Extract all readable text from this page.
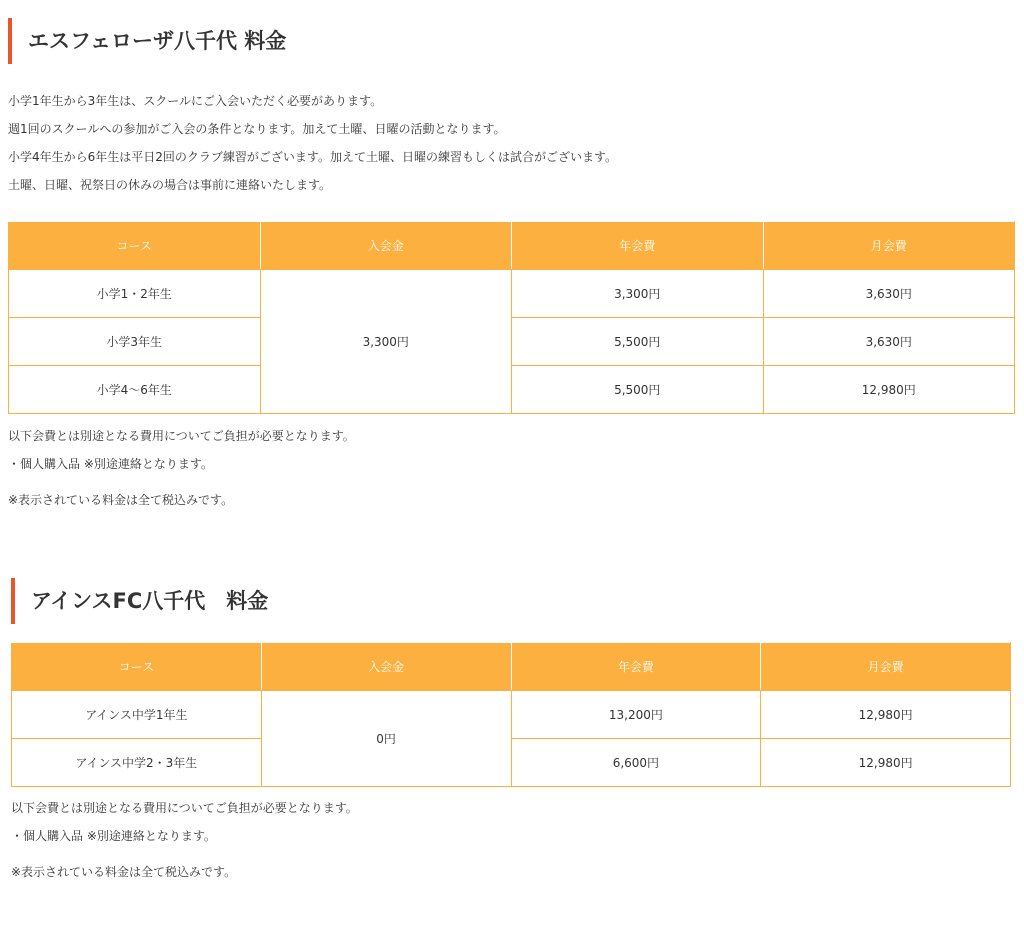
エスフェローザ八千代 料金

小学1年生から3年生は、スクールにご入会いただく必要があります。

週1回のスクールへの参加がご入会の条件となります。加えて土曜、日曜の活動となります。

小学4年生から6年生は平日2回のクラブ練習がございます。加えて土曜、日曜の練習もしくは試合がございます。

土曜、日曜、祝祭日の休みの場合は事前に連絡いたします。

コース	入会金	年会費	月会費
小学1・2年生	3,300円	3,300円	3,630円
小学3年生		5,500円	3,630円
小学4〜6年生		5,500円	12,980円

以下会費とは別途となる費用についてご負担が必要となります。

・個人購入品 ※別途連絡となります。

※表示されている料金は全て税込みです。

アインスFC八千代　料金
コース	入会金	年会費	月会費
アインス中学1年生	0円	13,200円	12,980円
アインス中学2・3年生		6,600円	12,980円

以下会費とは別途となる費用についてご負担が必要となります。

・個人購入品 ※別途連絡となります。

※表示されている料金は全て税込みです。
